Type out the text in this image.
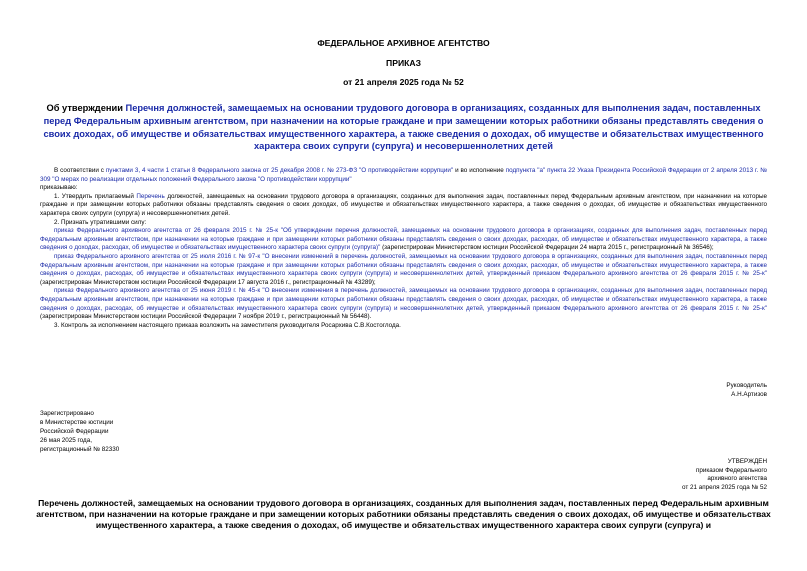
ФЕДЕРАЛЬНОЕ АРХИВНОЕ АГЕНТСТВО
ПРИКАЗ
от 21 апреля 2025 года № 52
Об утверждении Перечня должностей, замещаемых на основании трудового договора в организациях, созданных для выполнения задач, поставленных перед Федеральным архивным агентством, при назначении на которые граждане и при замещении которых работники обязаны представлять сведения о своих доходах, об имуществе и обязательствах имущественного характера, а также сведения о доходах, об имуществе и обязательствах имущественного характера своих супруги (супруга) и несовершеннолетних детей

В соответствии с пунктами 3, 4 части 1 статьи 8 Федерального закона от 25 декабря 2008 г. № 273-ФЗ "О противодействии коррупции" и во исполнение подпункта "а" пункта 22 Указа Президента Российской Федерации от 2 апреля 2013 г. № 309 "О мерах по реализации отдельных положений Федерального закона "О противодействии коррупции"

приказываю:

1. Утвердить прилагаемый Перечень должностей, замещаемых на основании трудового договора в организациях, созданных для выполнения задач, поставленных перед Федеральным архивным агентством, при назначении на которые граждане и при замещении которых работники обязаны представлять сведения о своих доходах, об имуществе и обязательствах имущественного характера, а также сведения о доходах, об имуществе и обязательствах имущественного характера своих супруги (супруга) и несовершеннолетних детей.

2. Признать утратившими силу:

приказ Федерального архивного агентства от 26 февраля 2015 г. № 25-к "Об утверждении перечня должностей, замещаемых на основании трудового договора в организациях, созданных для выполнения задач, поставленных перед Федеральным архивным агентством, при назначении на которые граждане и при замещении которых работники обязаны представлять сведения о своих доходах, расходах, об имуществе и обязательствах имущественного характера, а также сведения о доходах, расходах, об имуществе и обязательствах имущественного характера своих супруги (супруга)" (зарегистрирован Министерством юстиции Российской Федерации 24 марта 2015 г., регистрационный № 36546);

приказ Федерального архивного агентства от 25 июля 2016 г. № 97-к "О внесении изменений в перечень должностей, замещаемых на основании трудового договора в организациях, созданных для выполнения задач, поставленных перед Федеральным архивным агентством, при назначении на которые граждане и при замещении которых работники обязаны представлять сведения о своих доходах, расходах, об имуществе и обязательствах имущественного характера, а также сведения о доходах, расходах, об имуществе и обязательствах имущественного характера своих супруги (супруга) и несовершеннолетних детей, утвержденный приказом Федерального архивного агентства от 26 февраля 2015 г. № 25-к" (зарегистрирован Министерством юстиции Российской Федерации 17 августа 2016 г., регистрационный № 43289);

приказ Федерального архивного агентства от 25 июня 2019 г. № 45-к "О внесении изменения в перечень должностей, замещаемых на основании трудового договора в организациях, созданных для выполнения задач, поставленных перед Федеральным архивным агентством, при назначении на которые граждане и при замещении которых работники обязаны представлять сведения о своих доходах, расходах, об имуществе и обязательствах имущественного характера, а также сведения о доходах, расходах, об имуществе и обязательствах имущественного характера своих супруги (супруга) и несовершеннолетних детей, утвержденный приказом Федерального архивного агентства от 26 февраля 2015 г. № 25-к" (зарегистрирован Министерством юстиции Российской Федерации 7 ноября 2019 г., регистрационный № 56448).

3. Контроль за исполнением настоящего приказа возложить на заместителя руководителя Росархива С.В.Костоглода.

Руководитель
А.Н.Артизов
Зарегистрировано
в Министерстве юстиции
Российской Федерации
26 мая 2025 года,
регистрационный № 82330
УТВЕРЖДЕН
приказом Федерального
архивного агентства
от 21 апреля 2025 года № 52
Перечень должностей, замещаемых на основании трудового договора в организациях, созданных для выполнения задач, поставленных перед Федеральным архивным агентством, при назначении на которые граждане и при замещении которых работники обязаны представлять сведения о своих доходах, об имуществе и обязательствах имущественного характера, а также сведения о доходах, об имуществе и обязательствах имущественного характера своих супруги (супруга) и
